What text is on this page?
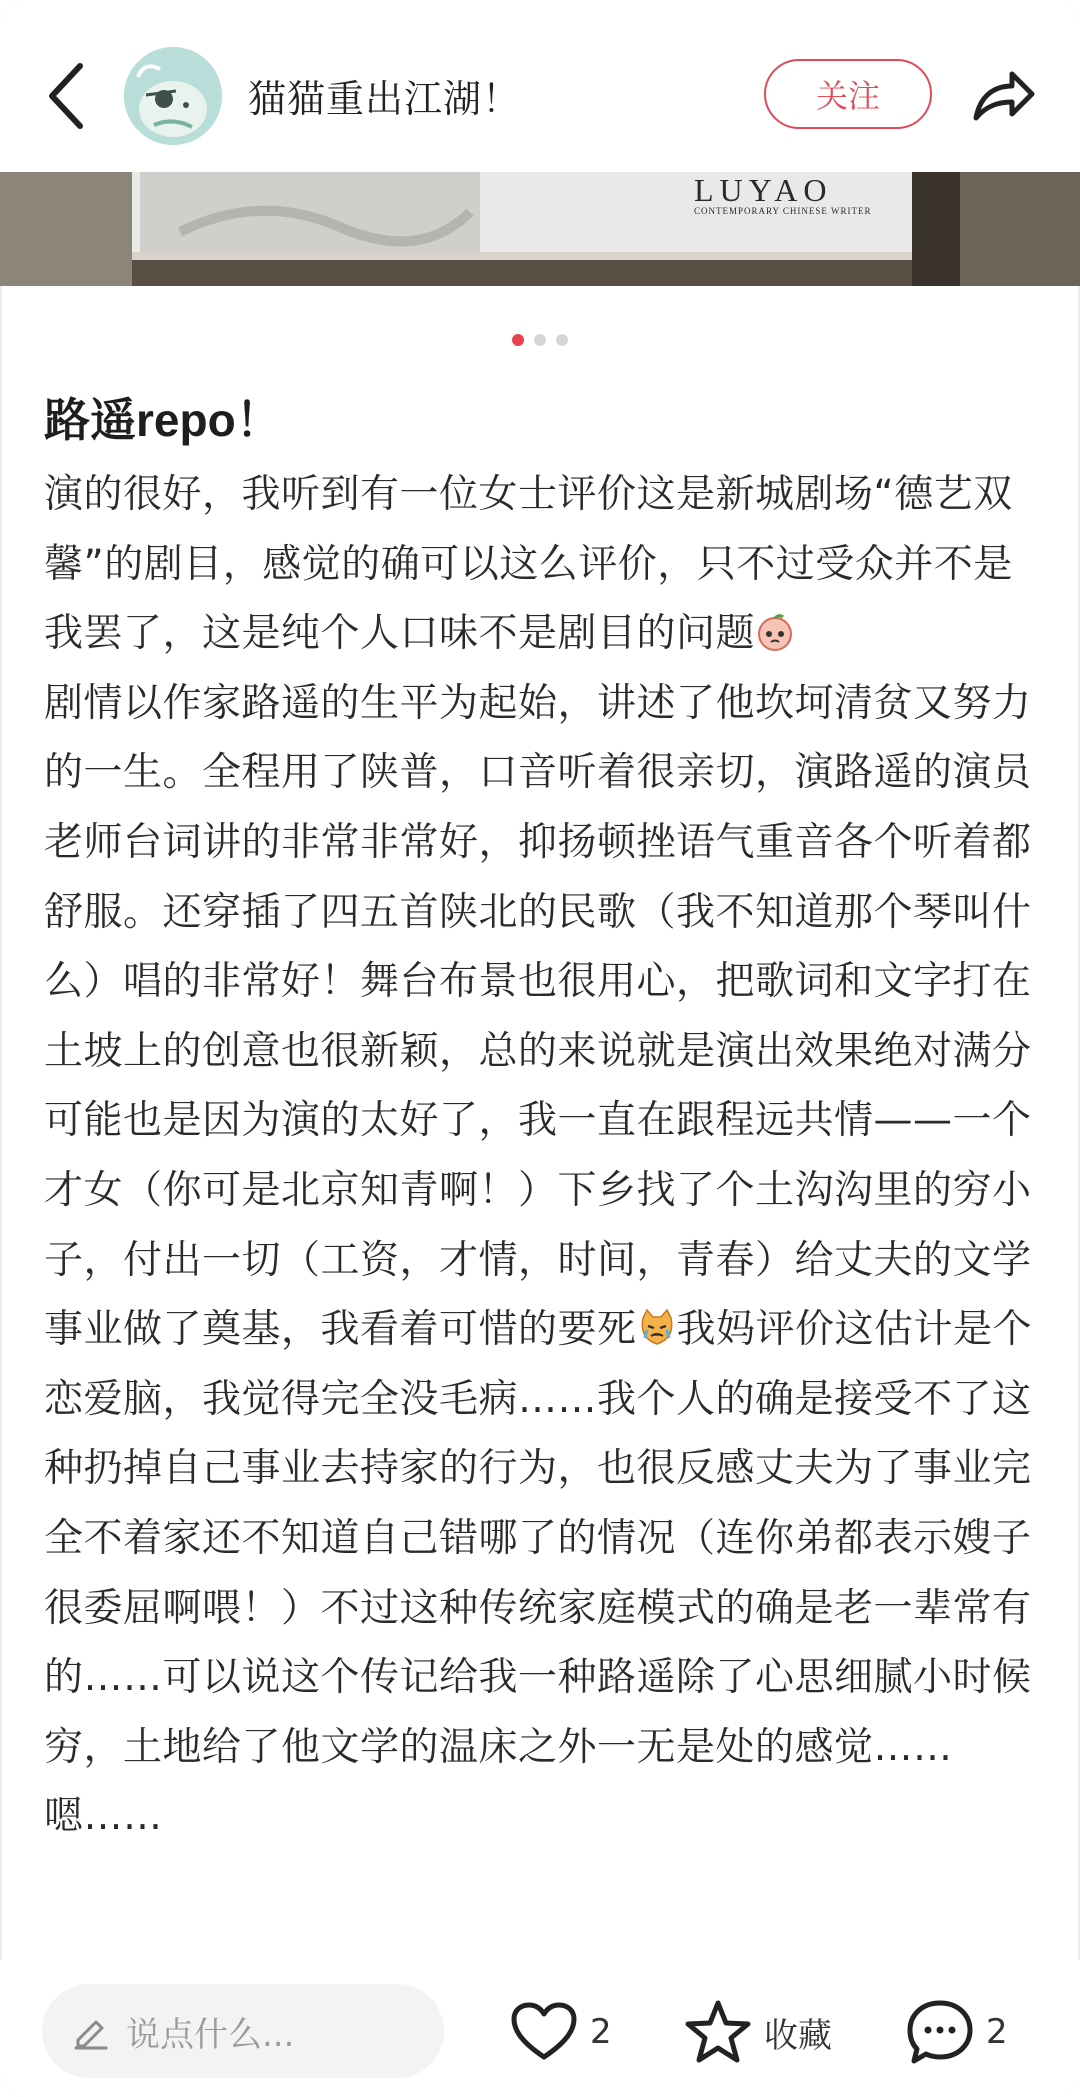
猫猫重出江湖！	关注
LUYAO
CONTEMPORARY CHINESE WRITER
路遥repo！

演的很好，我听到有一位女士评价这是新城剧场“德艺双馨”的剧目，感觉的确可以这么评价，只不过受众并不是我罢了，这是纯个人口味不是剧目的问题

剧情以作家路遥的生平为起始，讲述了他坎坷清贫又努力的一生。全程用了陕普，口音听着很亲切，演路遥的演员老师台词讲的非常非常好，抑扬顿挫语气重音各个听着都舒服。还穿插了四五首陕北的民歌（我不知道那个琴叫什么）唱的非常好！舞台布景也很用心，把歌词和文字打在土坡上的创意也很新颖，总的来说就是演出效果绝对满分

可能也是因为演的太好了，我一直在跟程远共情——一个才女（你可是北京知青啊！）下乡找了个土沟沟里的穷小子，付出一切（工资，才情，时间，青春）给丈夫的文学事业做了奠基，我看着可惜的要死 我妈评价这估计是个恋爱脑，我觉得完全没毛病……我个人的确是接受不了这种扔掉自己事业去持家的行为，也很反感丈夫为了事业完全不着家还不知道自己错哪了的情况（连你弟都表示嫂子很委屈啊喂！）不过这种传统家庭模式的确是老一辈常有的……可以说这个传记给我一种路遥除了心思细腻小时候穷，土地给了他文学的温床之外一无是处的感觉……嗯……

说点什么...	2	收藏	2
